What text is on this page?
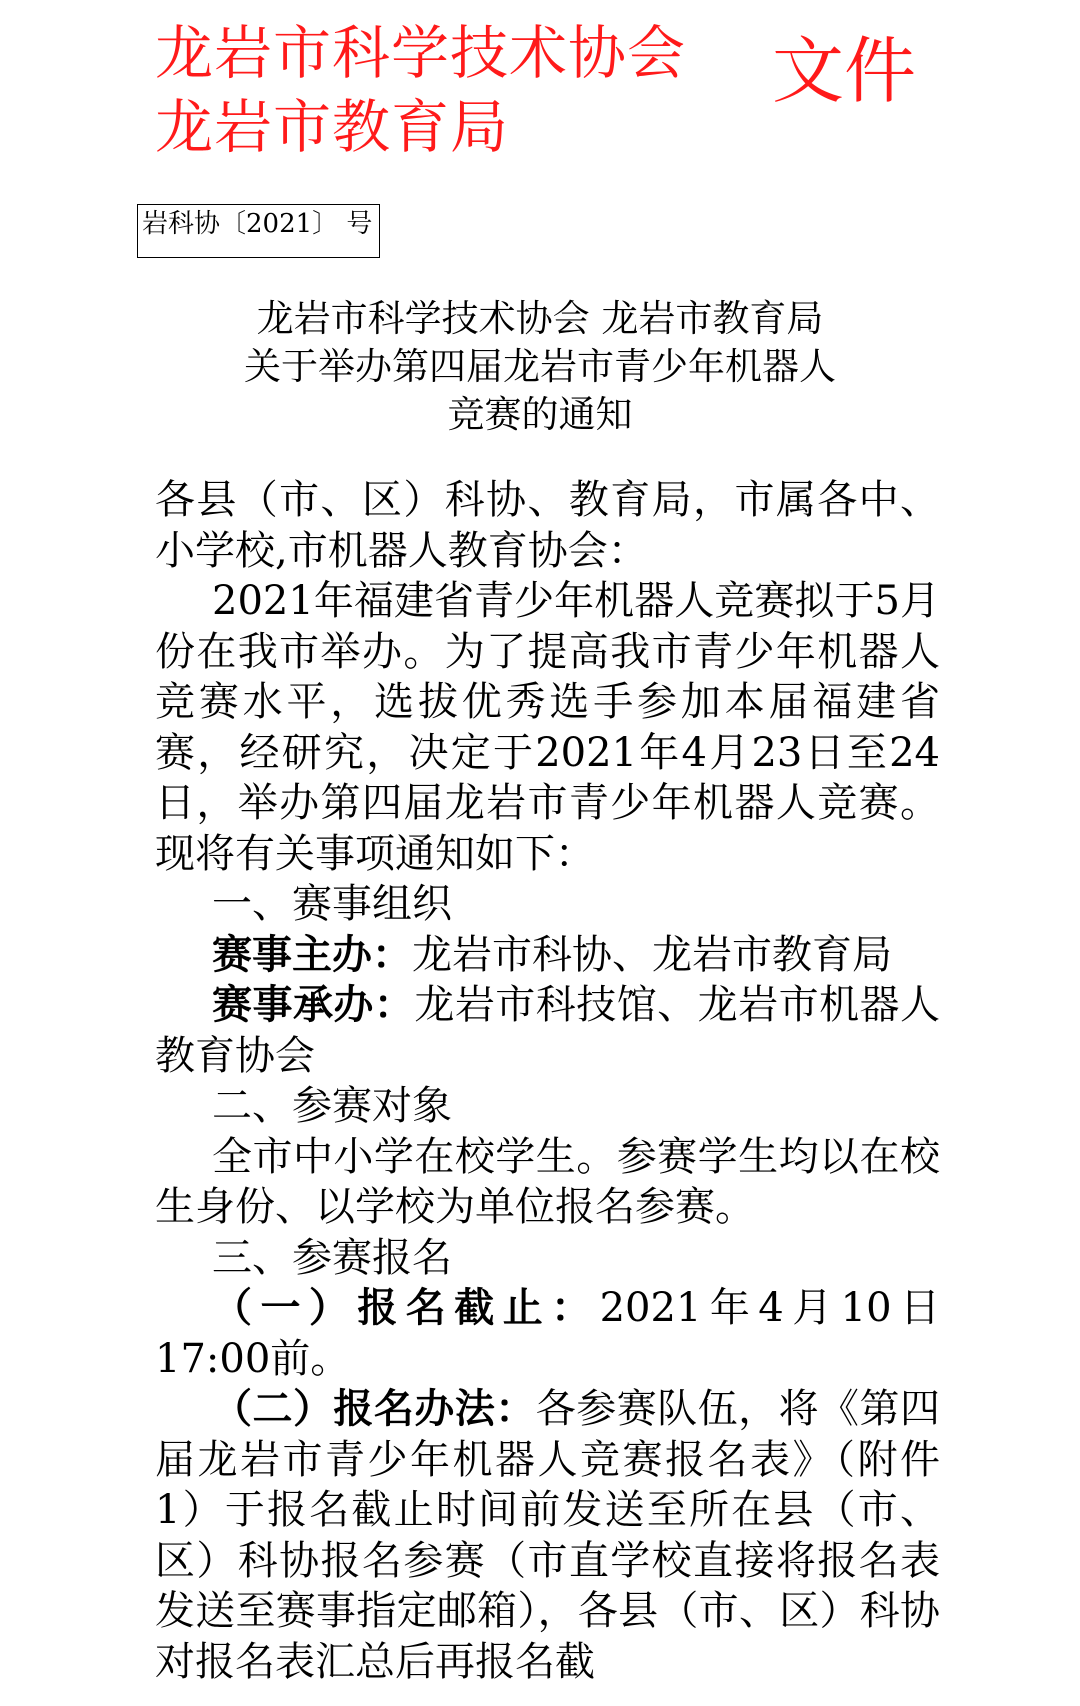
龙岩市科学技术协会
龙岩市教育局
文件
岩科协〔2021〕 号
龙岩市科学技术协会 龙岩市教育局
关于举办第四届龙岩市青少年机器人
竞赛的通知

各县（市、区）科协、教育局，市属各中、小学校,市机器人教育协会：

2021年福建省青少年机器人竞赛拟于5月份在我市举办。为了提高我市青少年机器人竞赛水平，选拔优秀选手参加本届福建省赛，经研究，决定于2021年4月23日至24日，举办第四届龙岩市青少年机器人竞赛。现将有关事项通知如下：

一、赛事组织

赛事主办：龙岩市科协、龙岩市教育局

赛事承办：龙岩市科技馆、龙岩市机器人教育协会

二、参赛对象

全市中小学在校学生。参赛学生均以在校生身份、以学校为单位报名参赛。

三、参赛报名

（一）报名截止：2021年4月10日17:00前。

（二）报名办法：各参赛队伍，将《第四届龙岩市青少年机器人竞赛报名表》（附件1）于报名截止时间前发送至所在县（市、区）科协报名参赛（市直学校直接将报名表发送至赛事指定邮箱），各县（市、区）科协对报名表汇总后再报名截
